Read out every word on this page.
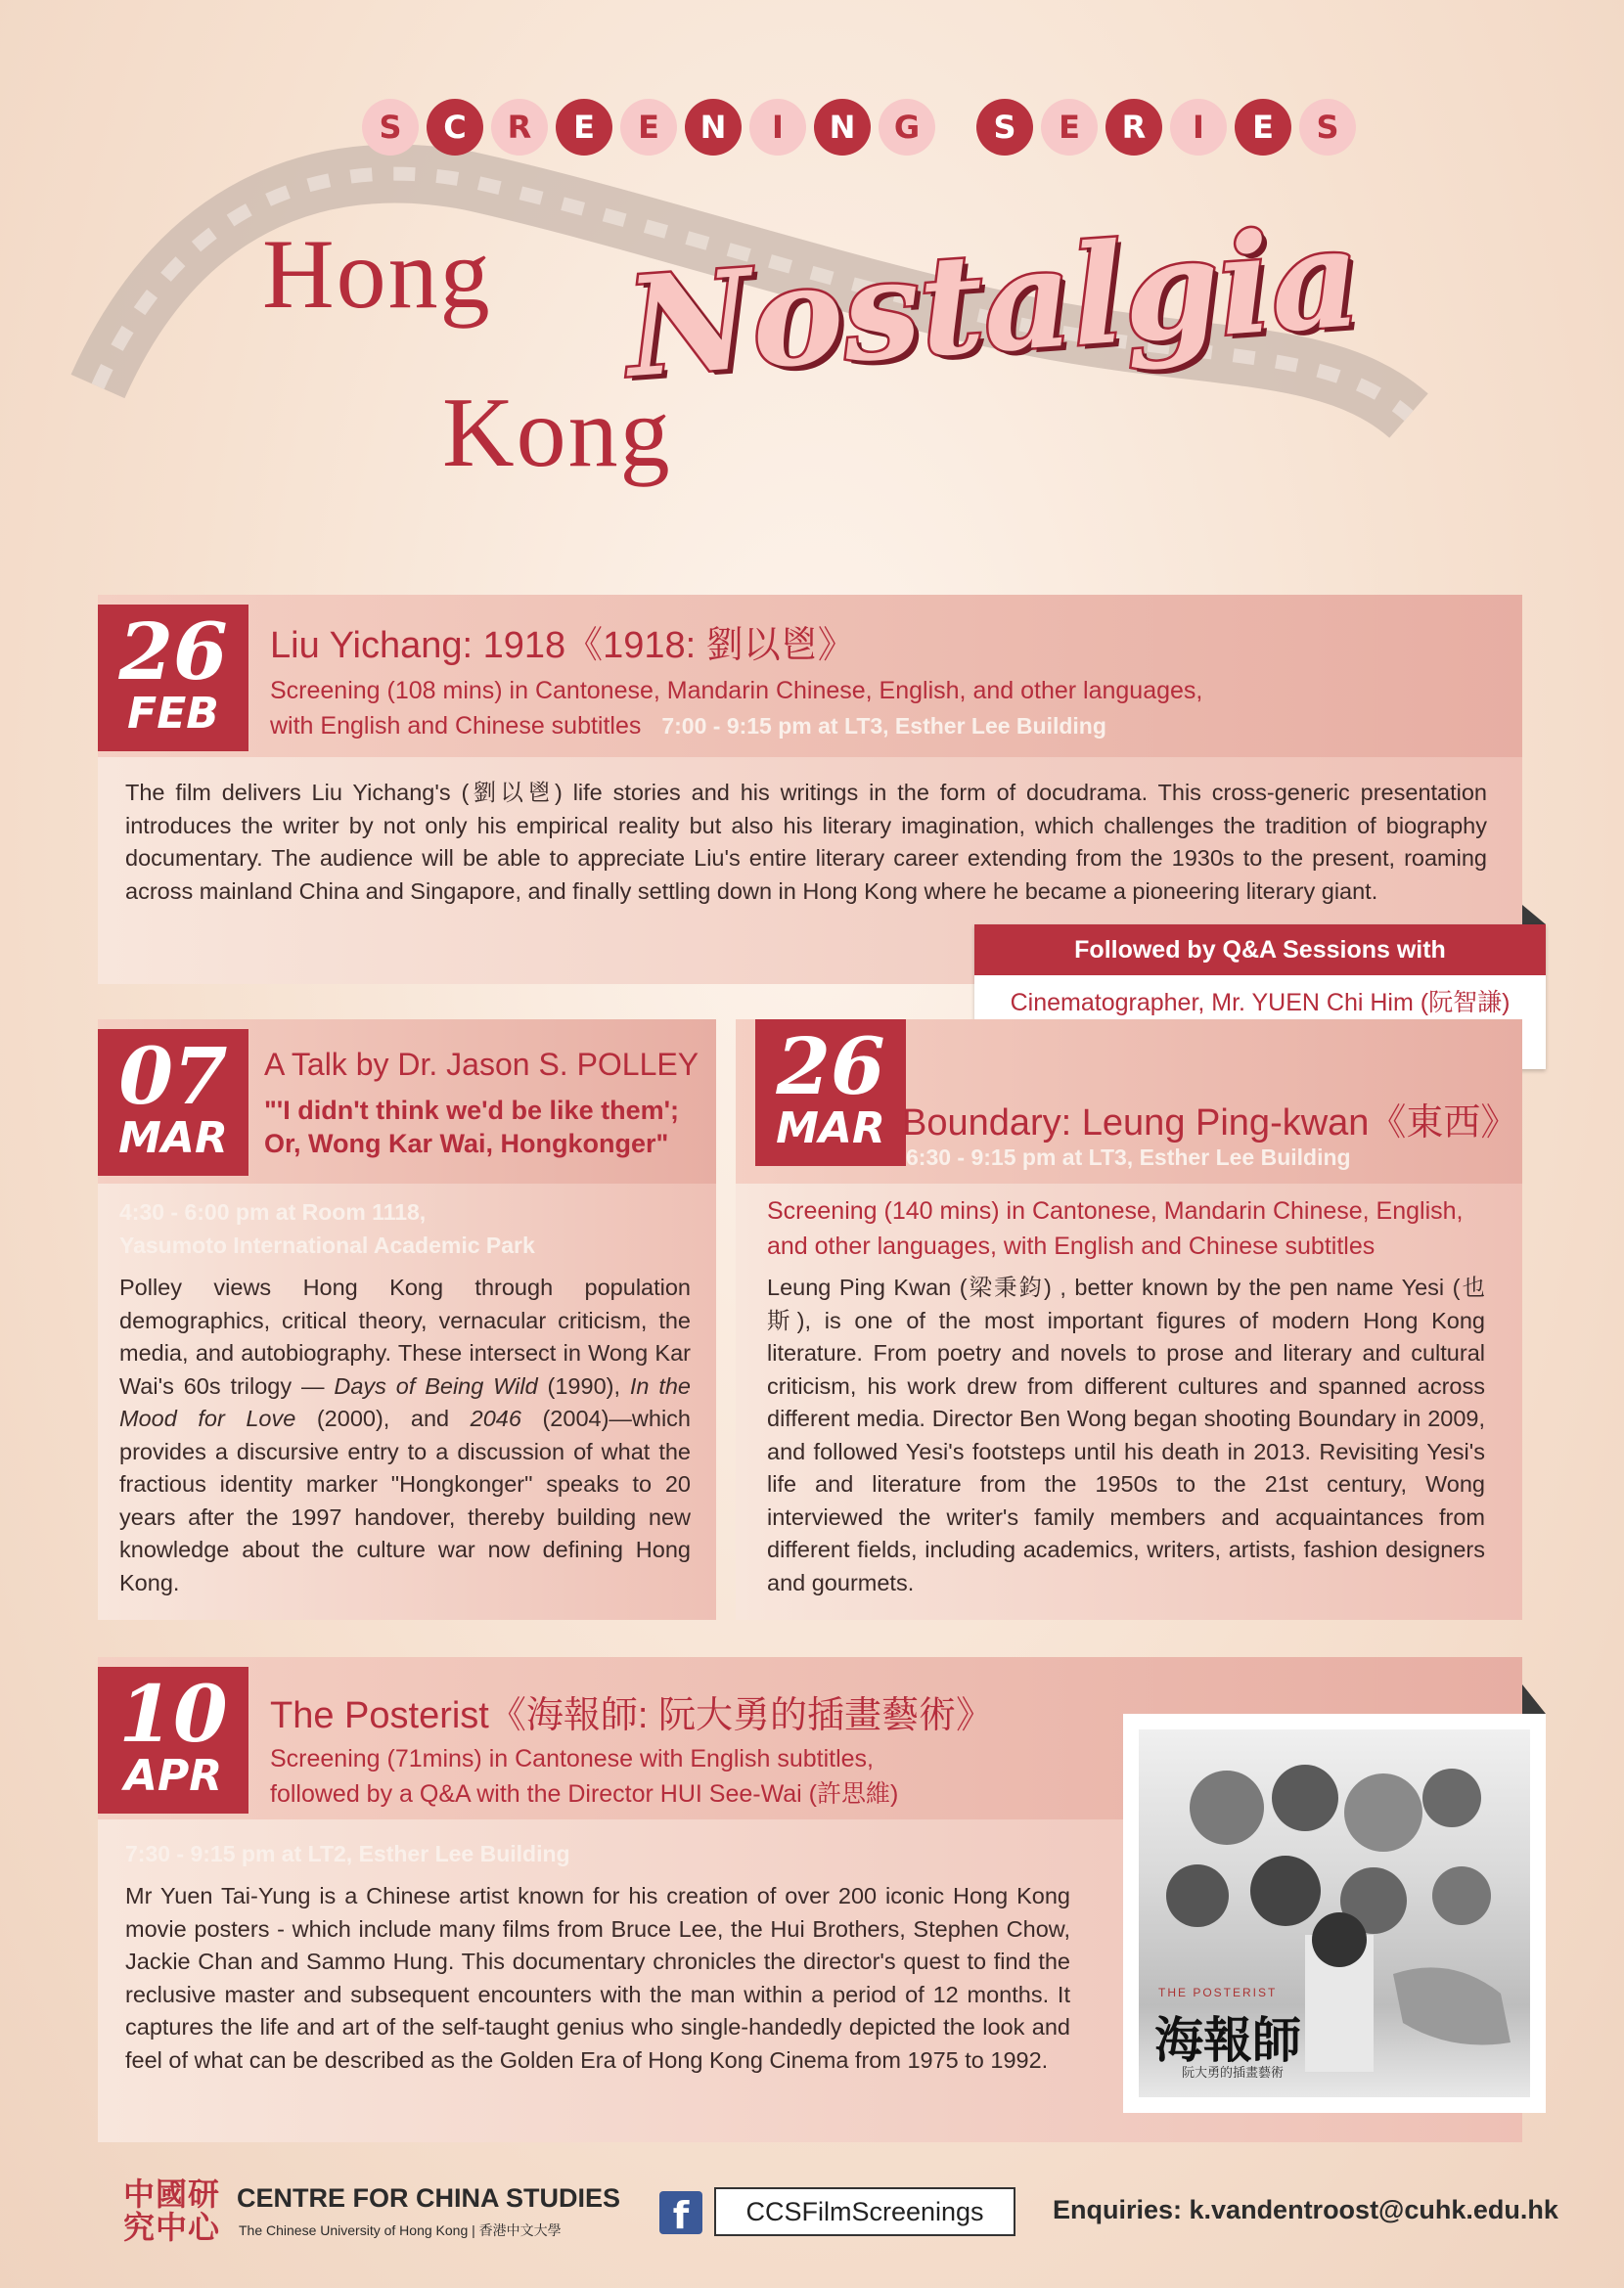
S	C	R	E	E	N	I	N	G	S	E	R	I	E	S
Hong
Kong
Nostalgia
26
FEB
Liu Yichang: 1918《1918: 劉以鬯》
Screening (108 mins) in Cantonese, Mandarin Chinese, English, and other languages,
with English and Chinese subtitles 7:00 - 9:15 pm at LT3, Esther Lee Building
The film delivers Liu Yichang's (劉以鬯) life stories and his writings in the form of docudrama. This cross-generic presentation introduces the writer by not only his empirical reality but also his literary imagination, which challenges the tradition of biography documentary. The audience will be able to appreciate Liu's entire literary career extending from the 1930s to the present, roaming across mainland China and Singapore, and finally settling down in Hong Kong where he became a pioneering literary giant.
Followed by Q&A Sessions with
Cinematographer, Mr. YUEN Chi Him (阮智謙)
07
MAR
A Talk by Dr. Jason S. POLLEY
"'I didn't think we'd be like them';
Or, Wong Kar Wai, Hongkonger"
4:30 - 6:00 pm at Room 1118,
Yasumoto International Academic Park
Polley views Hong Kong through population demographics, critical theory, vernacular criticism, the media, and autobiography. These intersect in Wong Kar Wai's 60s trilogy — Days of Being Wild (1990), In the Mood for Love (2000), and 2046 (2004)—which provides a discursive entry to a discussion of what the fractious identity marker "Hongkonger" speaks to 20 years after the 1997 handover, thereby building new knowledge about the culture war now defining Hong Kong.
26
MAR Boundary: Leung Ping-kwan《東西》
6:30 - 9:15 pm at LT3, Esther Lee Building
Screening (140 mins) in Cantonese, Mandarin Chinese, English,
and other languages, with English and Chinese subtitles
Leung Ping Kwan (梁秉鈞) , better known by the pen name Yesi (也斯), is one of the most important figures of modern Hong Kong literature. From poetry and novels to prose and literary and cultural criticism, his work drew from different cultures and spanned across different media. Director Ben Wong began shooting Boundary in 2009, and followed Yesi's footsteps until his death in 2013. Revisiting Yesi's life and literature from the 1950s to the 21st century, Wong interviewed the writer's family members and acquaintances from different fields, including academics, writers, artists, fashion designers and gourmets.
10
APR
The Posterist《海報師: 阮大勇的插畫藝術》
Screening (71mins) in Cantonese with English subtitles,
followed by a Q&A with the Director HUI See-Wai (許思維)
7:30 - 9:15 pm at LT2, Esther Lee Building
Mr Yuen Tai-Yung is a Chinese artist known for his creation of over 200 iconic Hong Kong movie posters - which include many films from Bruce Lee, the Hui Brothers, Stephen Chow, Jackie Chan and Sammo Hung. This documentary chronicles the director's quest to find the reclusive master and subsequent encounters with the man within a period of 12 months. It captures the life and art of the self-taught genius who single-handedly depicted the look and feel of what can be described as the Golden Era of Hong Kong Cinema from 1975 to 1992.
THE POSTERIST
海報師
阮大勇的插畫藝術
中國研究中心
CENTRE FOR CHINA STUDIES
The Chinese University of Hong Kong | 香港中文大學	f	CCSFilmScreenings	Enquiries: k.vandentroost@cuhk.edu.hk
